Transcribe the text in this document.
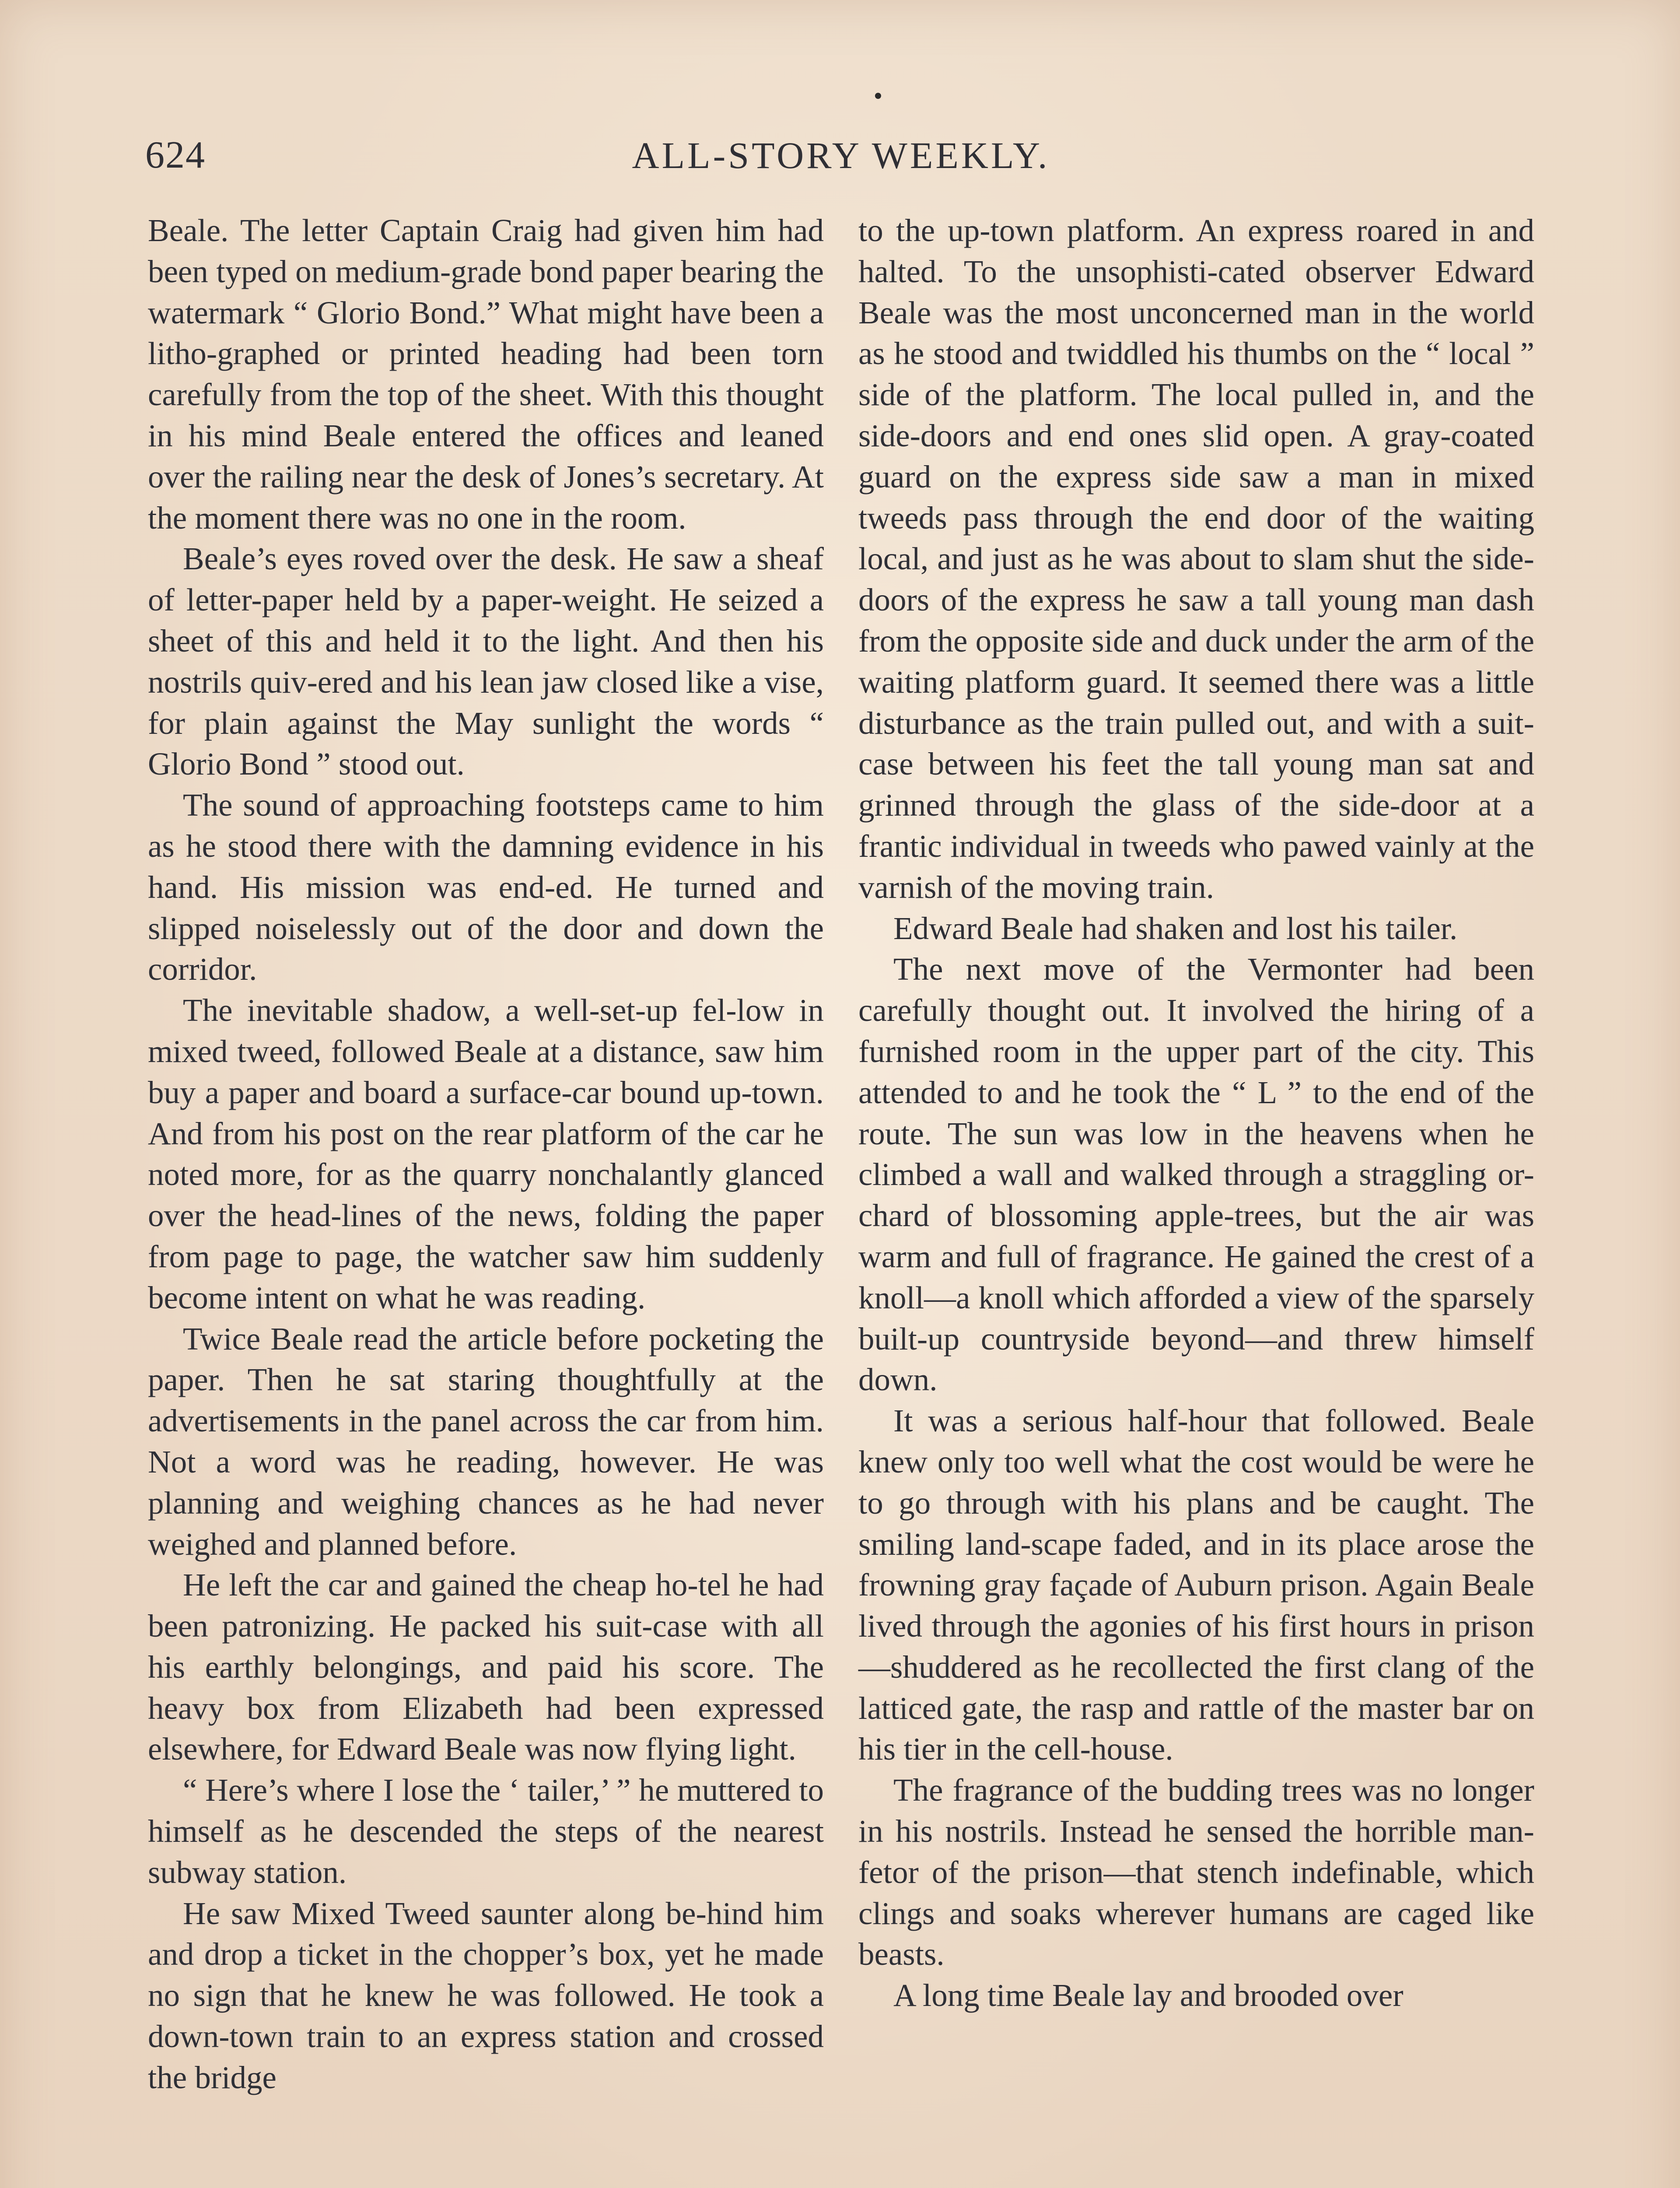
624	ALL-STORY WEEKLY.

Beale. The letter Captain Craig had given him had been typed on medium-grade bond paper bearing the watermark “ Glorio Bond.” What might have been a litho-graphed or printed heading had been torn carefully from the top of the sheet. With this thought in his mind Beale entered the offices and leaned over the railing near the desk of Jones’s secretary. At the moment there was no one in the room.

Beale’s eyes roved over the desk. He saw a sheaf of letter-paper held by a paper-weight. He seized a sheet of this and held it to the light. And then his nostrils quiv-ered and his lean jaw closed like a vise, for plain against the May sunlight the words “ Glorio Bond ” stood out.

The sound of approaching footsteps came to him as he stood there with the damning evidence in his hand. His mission was end-ed. He turned and slipped noiselessly out of the door and down the corridor.

The inevitable shadow, a well-set-up fel-low in mixed tweed, followed Beale at a distance, saw him buy a paper and board a surface-car bound up-town. And from his post on the rear platform of the car he noted more, for as the quarry nonchalantly glanced over the head-lines of the news, folding the paper from page to page, the watcher saw him suddenly become intent on what he was reading.

Twice Beale read the article before pocketing the paper. Then he sat staring thoughtfully at the advertisements in the panel across the car from him. Not a word was he reading, however. He was planning and weighing chances as he had never weighed and planned before.

He left the car and gained the cheap ho-tel he had been patronizing. He packed his suit-case with all his earthly belongings, and paid his score. The heavy box from Elizabeth had been expressed elsewhere, for Edward Beale was now flying light.

“ Here’s where I lose the ‘ tailer,’ ” he muttered to himself as he descended the steps of the nearest subway station.

He saw Mixed Tweed saunter along be-hind him and drop a ticket in the chopper’s box, yet he made no sign that he knew he was followed. He took a down-town train to an express station and crossed the bridge

to the up-town platform. An express roared in and halted. To the unsophisti-cated observer Edward Beale was the most unconcerned man in the world as he stood and twiddled his thumbs on the “ local ” side of the platform. The local pulled in, and the side-doors and end ones slid open. A gray-coated guard on the express side saw a man in mixed tweeds pass through the end door of the waiting local, and just as he was about to slam shut the side-doors of the express he saw a tall young man dash from the opposite side and duck under the arm of the waiting platform guard. It seemed there was a little disturbance as the train pulled out, and with a suit-case between his feet the tall young man sat and grinned through the glass of the side-door at a frantic individual in tweeds who pawed vainly at the varnish of the moving train.

Edward Beale had shaken and lost his tailer.

The next move of the Vermonter had been carefully thought out. It involved the hiring of a furnished room in the upper part of the city. This attended to and he took the “ L ” to the end of the route. The sun was low in the heavens when he climbed a wall and walked through a straggling or-chard of blossoming apple-trees, but the air was warm and full of fragrance. He gained the crest of a knoll—a knoll which afforded a view of the sparsely built-up countryside beyond—and threw himself down.

It was a serious half-hour that followed. Beale knew only too well what the cost would be were he to go through with his plans and be caught. The smiling land-scape faded, and in its place arose the frowning gray façade of Auburn prison. Again Beale lived through the agonies of his first hours in prison—shuddered as he recollected the first clang of the latticed gate, the rasp and rattle of the master bar on his tier in the cell-house.

The fragrance of the budding trees was no longer in his nostrils. Instead he sensed the horrible man-fetor of the prison—that stench indefinable, which clings and soaks wherever humans are caged like beasts.

A long time Beale lay and brooded over
